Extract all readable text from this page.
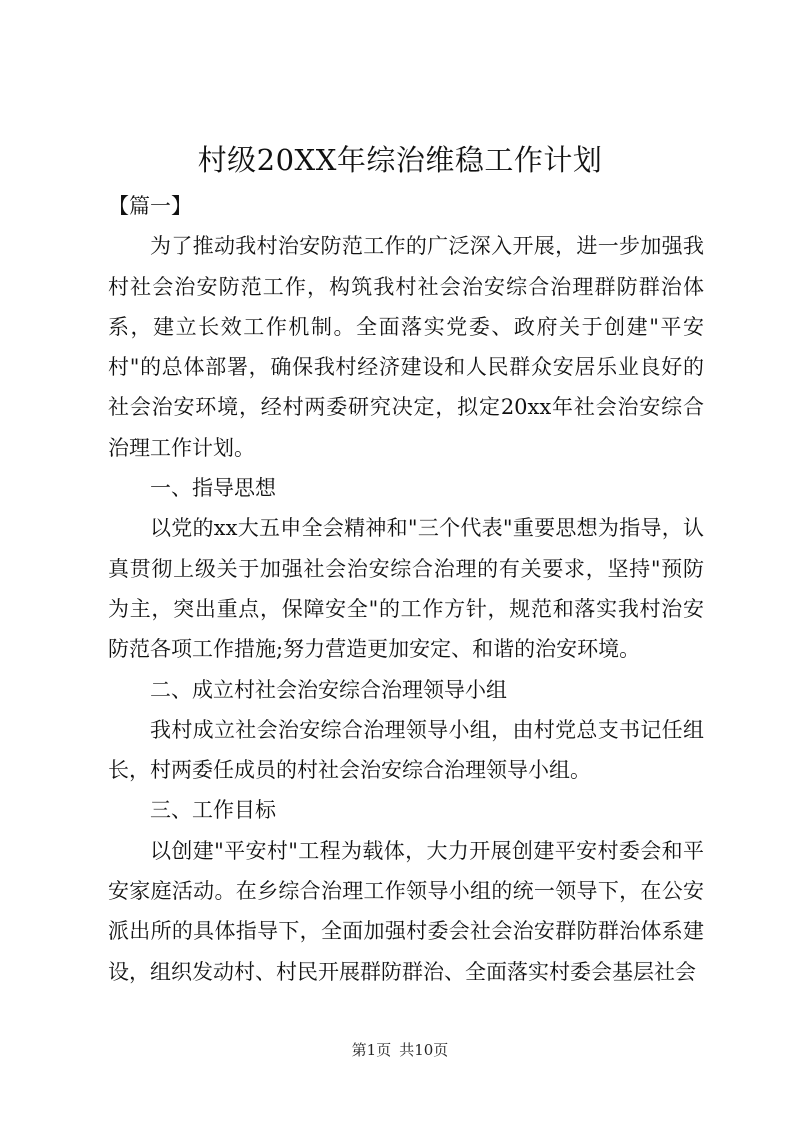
村级20XX年综治维稳工作计划

【篇一】

为了推动我村治安防范工作的广泛深入开展，进一步加强我村社会治安防范工作，构筑我村社会治安综合治理群防群治体系，建立长效工作机制。全面落实党委、政府关于创建"平安村"的总体部署，确保我村经济建设和人民群众安居乐业良好的社会治安环境，经村两委研究决定，拟定20xx年社会治安综合治理工作计划。

一、指导思想

以党的xx大五申全会精神和"三个代表"重要思想为指导，认真贯彻上级关于加强社会治安综合治理的有关要求，坚持"预防为主，突出重点，保障安全"的工作方针，规范和落实我村治安防范各项工作措施;努力营造更加安定、和谐的治安环境。

二、成立村社会治安综合治理领导小组

我村成立社会治安综合治理领导小组，由村党总支书记任组长，村两委任成员的村社会治安综合治理领导小组。

三、工作目标

以创建"平安村"工程为载体，大力开展创建平安村委会和平安家庭活动。在乡综合治理工作领导小组的统一领导下，在公安派出所的具体指导下，全面加强村委会社会治安群防群治体系建设，组织发动村、村民开展群防群治、全面落实村委会基层社会

第1页 共10页
